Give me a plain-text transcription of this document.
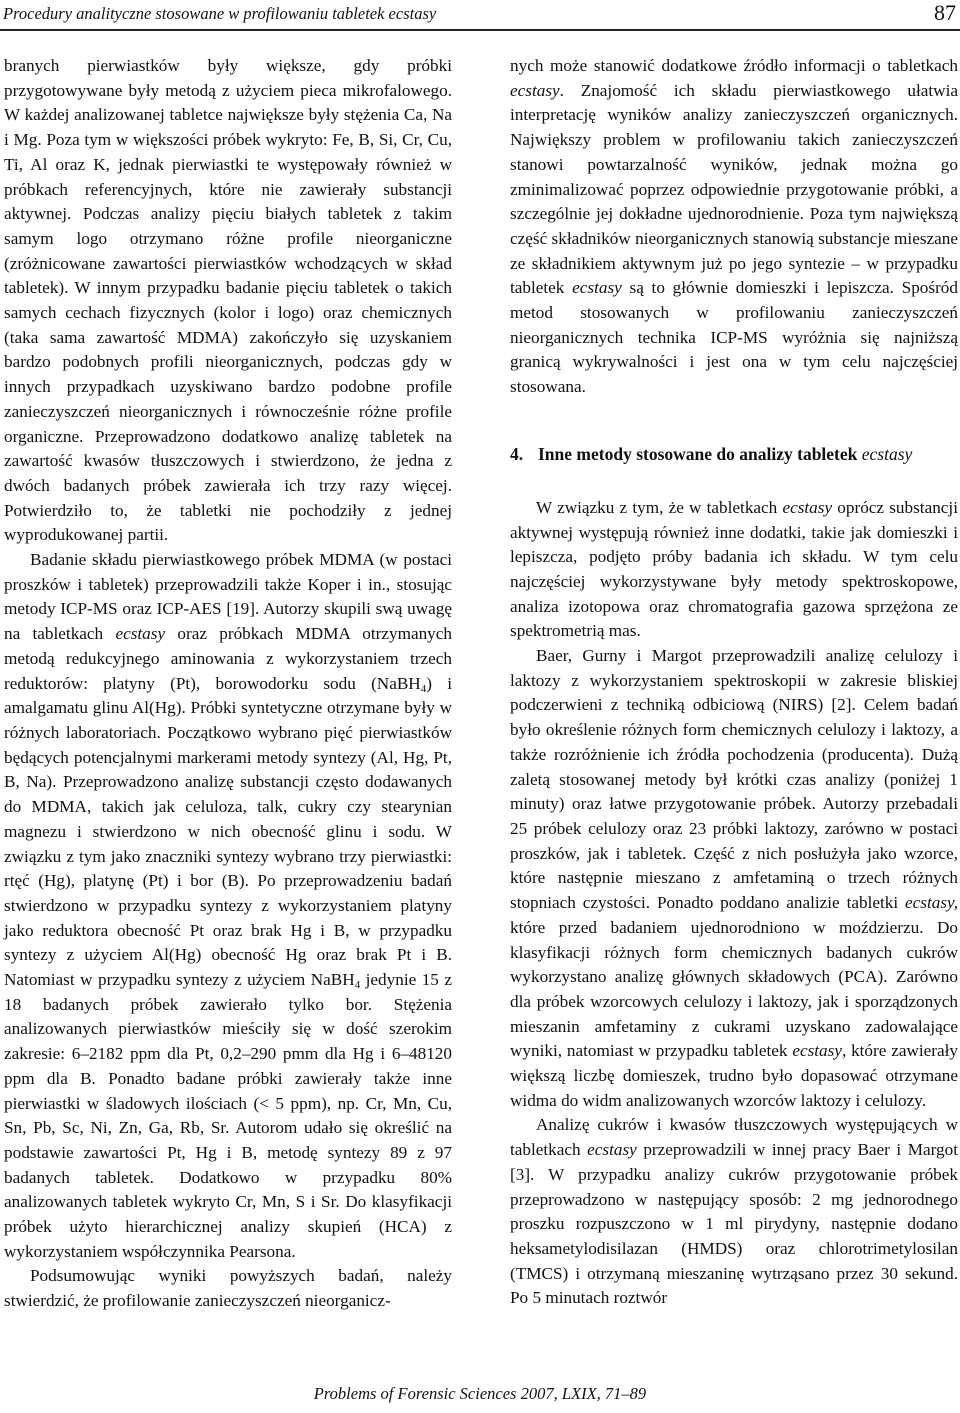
Procedury analityczne stosowane w profilowaniu tabletek ecstasy	87

branych pierwiastków były większe, gdy próbki przygotowywane były metodą z użyciem pieca mikrofalowego. W każdej analizowanej tabletce największe były stężenia Ca, Na i Mg. Poza tym w większości próbek wykryto: Fe, B, Si, Cr, Cu, Ti, Al oraz K, jednak pierwiastki te występowały również w próbkach referencyjnych, które nie zawierały substancji aktywnej. Podczas analizy pięciu białych tabletek z takim samym logo otrzymano różne profile nieorganiczne (zróżnicowane zawartości pierwiastków wchodzących w skład tabletek). W innym przypadku badanie pięciu tabletek o takich samych cechach fizycznych (kolor i logo) oraz chemicznych (taka sama zawartość MDMA) zakończyło się uzyskaniem bardzo podobnych profili nieorganicznych, podczas gdy w innych przypadkach uzyskiwano bardzo podobne profile zanieczyszczeń nieorganicznych i równocześnie różne profile organiczne. Przeprowadzono dodatkowo analizę tabletek na zawartość kwasów tłuszczowych i stwierdzono, że jedna z dwóch badanych próbek zawierała ich trzy razy więcej. Potwierdziło to, że tabletki nie pochodziły z jednej wyprodukowanej partii.

Badanie składu pierwiastkowego próbek MDMA (w postaci proszków i tabletek) przeprowadzili także Koper i in., stosując metody ICP-MS oraz ICP-AES [19]. Autorzy skupili swą uwagę na tabletkach ecstasy oraz próbkach MDMA otrzymanych metodą redukcyjnego aminowania z wykorzystaniem trzech reduktorów: platyny (Pt), borowodorku sodu (NaBH$_4$) i amalgamatu glinu Al(Hg). Próbki syntetyczne otrzymane były w różnych laboratoriach. Początkowo wybrano pięć pierwiastków będących potencjalnymi markerami metody syntezy (Al, Hg, Pt, B, Na). Przeprowadzono analizę substancji często dodawanych do MDMA, takich jak celuloza, talk, cukry czy stearynian magnezu i stwierdzono w nich obecność glinu i sodu. W związku z tym jako znaczniki syntezy wybrano trzy pierwiastki: rtęć (Hg), platynę (Pt) i bor (B). Po przeprowadzeniu badań stwierdzono w przypadku syntezy z wykorzystaniem platyny jako reduktora obecność Pt oraz brak Hg i B, w przypadku syntezy z użyciem Al(Hg) obecność Hg oraz brak Pt i B. Natomiast w przypadku syntezy z użyciem NaBH$_4$ jedynie 15 z 18 badanych próbek zawierało tylko bor. Stężenia analizowanych pierwiastków mieściły się w dość szerokim zakresie: 6–2182 ppm dla Pt, 0,2–290 pmm dla Hg i 6–48120 ppm dla B. Ponadto badane próbki zawierały także inne pierwiastki w śladowych ilościach (< 5 ppm), np. Cr, Mn, Cu, Sn, Pb, Sc, Ni, Zn, Ga, Rb, Sr. Autorom udało się określić na podstawie zawartości Pt, Hg i B, metodę syntezy 89 z 97 badanych tabletek. Dodatkowo w przypadku 80% analizowanych tabletek wykryto Cr, Mn, S i Sr. Do klasyfikacji próbek użyto hierarchicznej analizy skupień (HCA) z wykorzystaniem współczynnika Pearsona.

Podsumowując wyniki powyższych badań, należy stwierdzić, że profilowanie zanieczyszczeń nieorganicz-

nych może stanowić dodatkowe źródło informacji o tabletkach ecstasy. Znajomość ich składu pierwiastkowego ułatwia interpretację wyników analizy zanieczyszczeń organicznych. Największy problem w profilowaniu takich zanieczyszczeń stanowi powtarzalność wyników, jednak można go zminimalizować poprzez odpowiednie przygotowanie próbki, a szczególnie jej dokładne ujednorodnienie. Poza tym największą część składników nieorganicznych stanowią substancje mieszane ze składnikiem aktywnym już po jego syntezie – w przypadku tabletek ecstasy są to głównie domieszki i lepiszcza. Spośród metod stosowanych w profilowaniu zanieczyszczeń nieorganicznych technika ICP-MS wyróżnia się najniższą granicą wykrywalności i jest ona w tym celu najczęściej stosowana.

4. Inne metody stosowane do analizy tabletek ecstasy

W związku z tym, że w tabletkach ecstasy oprócz substancji aktywnej występują również inne dodatki, takie jak domieszki i lepiszcza, podjęto próby badania ich składu. W tym celu najczęściej wykorzystywane były metody spektroskopowe, analiza izotopowa oraz chromatografia gazowa sprzężona ze spektrometrią mas.

Baer, Gurny i Margot przeprowadzili analizę celulozy i laktozy z wykorzystaniem spektroskopii w zakresie bliskiej podczerwieni z techniką odbiciową (NIRS) [2]. Celem badań było określenie różnych form chemicznych celulozy i laktozy, a także rozróżnienie ich źródła pochodzenia (producenta). Dużą zaletą stosowanej metody był krótki czas analizy (poniżej 1 minuty) oraz łatwe przygotowanie próbek. Autorzy przebadali 25 próbek celulozy oraz 23 próbki laktozy, zarówno w postaci proszków, jak i tabletek. Część z nich posłużyła jako wzorce, które następnie mieszano z amfetaminą o trzech różnych stopniach czystości. Ponadto poddano analizie tabletki ecstasy, które przed badaniem ujednorodniono w moździerzu. Do klasyfikacji różnych form chemicznych badanych cukrów wykorzystano analizę głównych składowych (PCA). Zarówno dla próbek wzorcowych celulozy i laktozy, jak i sporządzonych mieszanin amfetaminy z cukrami uzyskano zadowalające wyniki, natomiast w przypadku tabletek ecstasy, które zawierały większą liczbę domieszek, trudno było dopasować otrzymane widma do widm analizowanych wzorców laktozy i celulozy.

Analizę cukrów i kwasów tłuszczowych występujących w tabletkach ecstasy przeprowadzili w innej pracy Baer i Margot [3]. W przypadku analizy cukrów przygotowanie próbek przeprowadzono w następujący sposób: 2 mg jednorodnego proszku rozpuszczono w 1 ml pirydyny, następnie dodano heksametylodisilazan (HMDS) oraz chlorotrimetylosilan (TMCS) i otrzymaną mieszaninę wytrząsano przez 30 sekund. Po 5 minutach roztwór

Problems of Forensic Sciences 2007, LXIX, 71–89
